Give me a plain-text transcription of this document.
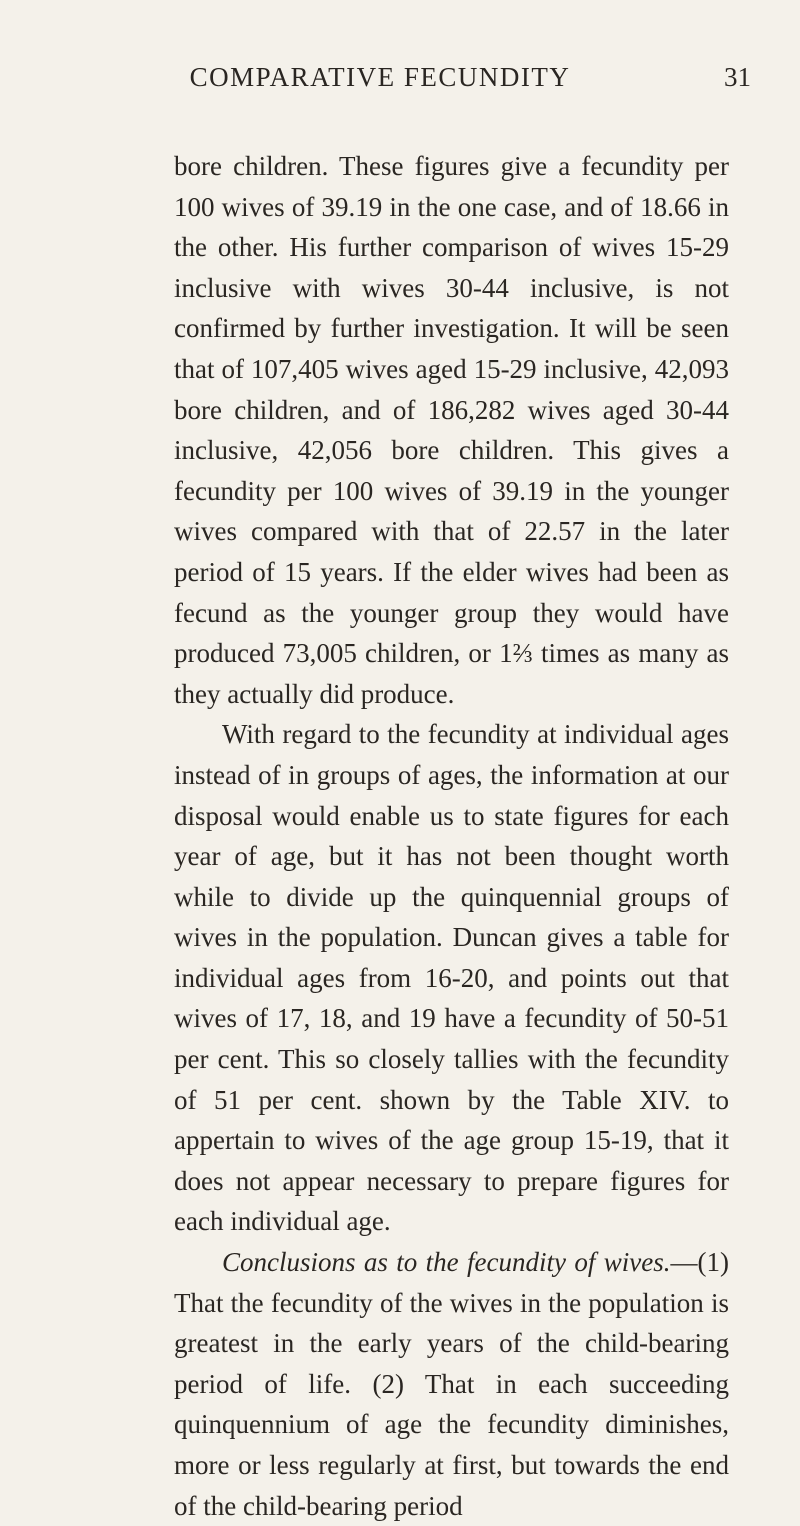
COMPARATIVE FECUNDITY	31

bore children. These figures give a fecundity per 100 wives of 39.19 in the one case, and of 18.66 in the other. His further comparison of wives 15-29 inclusive with wives 30-44 inclusive, is not confirmed by further investigation. It will be seen that of 107,405 wives aged 15-29 inclusive, 42,093 bore children, and of 186,282 wives aged 30-44 inclusive, 42,056 bore children. This gives a fecundity per 100 wives of 39.19 in the younger wives compared with that of 22.57 in the later period of 15 years. If the elder wives had been as fecund as the younger group they would have produced 73,005 children, or 1⅔ times as many as they actually did produce.

With regard to the fecundity at individual ages instead of in groups of ages, the information at our disposal would enable us to state figures for each year of age, but it has not been thought worth while to divide up the quinquennial groups of wives in the population. Duncan gives a table for individual ages from 16-20, and points out that wives of 17, 18, and 19 have a fecundity of 50-51 per cent. This so closely tallies with the fecundity of 51 per cent. shown by the Table XIV. to appertain to wives of the age group 15-19, that it does not appear necessary to prepare figures for each individual age.

Conclusions as to the fecundity of wives.—(1) That the fecundity of the wives in the population is greatest in the early years of the child-bearing period of life. (2) That in each succeeding quinquennium of age the fecundity diminishes, more or less regularly at first, but towards the end of the child-bearing period
